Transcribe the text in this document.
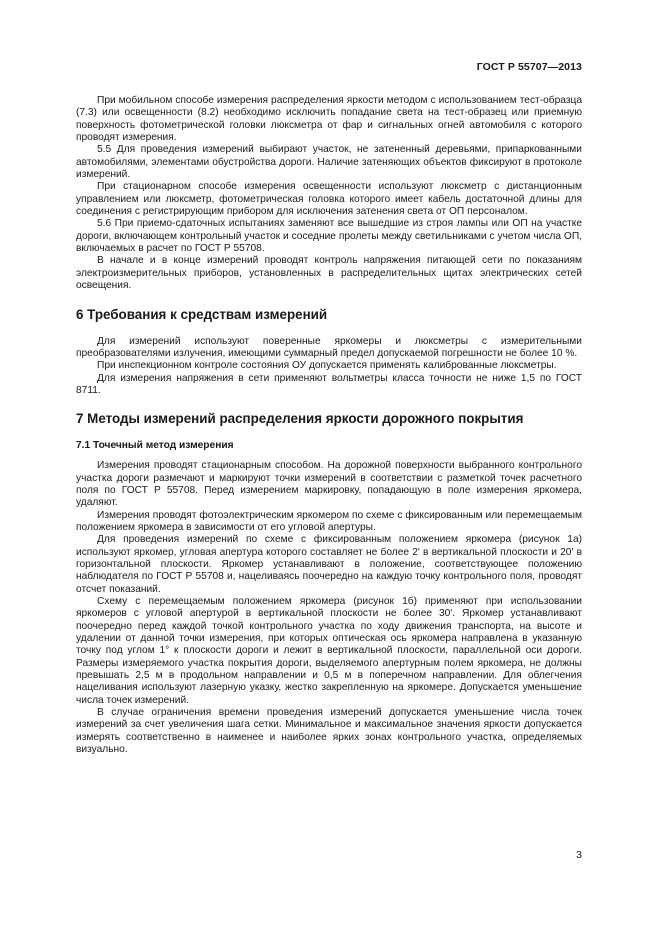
ГОСТ Р 55707—2013

При мобильном способе измерения распределения яркости методом с использованием тест-образца (7.3) или освещенности (8.2) необходимо исключить попадание света на тест-образец или приемную поверхность фотометрической головки люксметра от фар и сигнальных огней автомобиля с которого проводят измерения.

5.5 Для проведения измерений выбирают участок, не затененный деревьями, припаркованными автомобилями, элементами обустройства дороги. Наличие затеняющих объектов фиксируют в протоколе измерений.

При стационарном способе измерения освещенности используют люксметр с дистанционным управлением или люксметр, фотометрическая головка которого имеет кабель достаточной длины для соединения с регистрирующим прибором для исключения затенения света от ОП персоналом.

5.6 При приемо-сдаточных испытаниях заменяют все вышедшие из строя лампы или ОП на участке дороги, включающем контрольный участок и соседние пролеты между светильниками с учетом числа ОП, включаемых в расчет по ГОСТ Р 55708.

В начале и в конце измерений проводят контроль напряжения питающей сети по показаниям электроизмерительных приборов, установленных в распределительных щитах электрических сетей освещения.

6 Требования к средствам измерений

Для измерений используют поверенные яркомеры и люксметры с измерительными преобразователями излучения, имеющими суммарный предел допускаемой погрешности не более 10 %.

При инспекционном контроле состояния ОУ допускается применять калиброванные люксметры.

Для измерения напряжения в сети применяют вольтметры класса точности не ниже 1,5 по ГОСТ 8711.

7 Методы измерений распределения яркости дорожного покрытия
7.1 Точечный метод измерения

Измерения проводят стационарным способом. На дорожной поверхности выбранного контрольного участка дороги размечают и маркируют точки измерений в соответствии с разметкой точек расчетного поля по ГОСТ Р 55708. Перед измерением маркировку, попадающую в поле измерения яркомера, удаляют.

Измерения проводят фотоэлектрическим яркомером по схеме с фиксированным или перемещаемым положением яркомера в зависимости от его угловой апертуры.

Для проведения измерений по схеме с фиксированным положением яркомера (рисунок 1а) используют яркомер, угловая апертура которого составляет не более 2' в вертикальной плоскости и 20' в горизонтальной плоскости. Яркомер устанавливают в положение, соответствующее положению наблюдателя по ГОСТ Р 55708 и, нацеливаясь поочередно на каждую точку контрольного поля, проводят отсчет показаний.

Схему с перемещаемым положением яркомера (рисунок 1б) применяют при использовании яркомеров с угловой апертурой в вертикальной плоскости не более 30'. Яркомер устанавливают поочередно перед каждой точкой контрольного участка по ходу движения транспорта, на высоте и удалении от данной точки измерения, при которых оптическая ось яркомера направлена в указанную точку под углом 1° к плоскости дороги и лежит в вертикальной плоскости, параллельной оси дороги. Размеры измеряемого участка покрытия дороги, выделяемого апертурным полем яркомера, не должны превышать 2,5 м в продольном направлении и 0,5 м в поперечном направлении. Для облегчения нацеливания используют лазерную указку, жестко закрепленную на яркомере. Допускается уменьшение числа точек измерений.

В случае ограничения времени проведения измерений допускается уменьшение числа точек измерений за счет увеличения шага сетки. Минимальное и максимальное значения яркости допускается измерять соответственно в наименее и наиболее ярких зонах контрольного участка, определяемых визуально.

3
